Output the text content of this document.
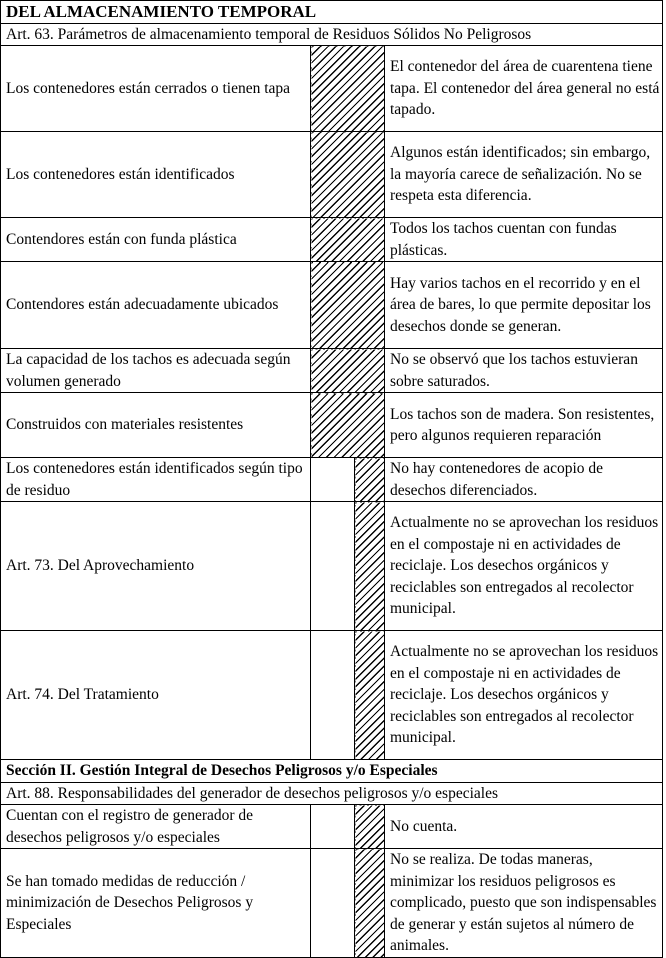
DEL ALMACENAMIENTO TEMPORAL			
Art. 63. Parámetros de almacenamiento temporal de Residuos Sólidos No Peligrosos			
Los contenedores están cerrados o tienen tapa			El contenedor del área de cuarentena tiene tapa. El contenedor del área general no está tapado.
Los contenedores están identificados			Algunos están identificados; sin embargo, la mayoría carece de señalización. No se respeta esta diferencia.
Contendores están con funda plástica			Todos los tachos cuentan con fundas plásticas.
Contendores están adecuadamente ubicados			Hay varios tachos en el recorrido y en el área de bares, lo que permite depositar los desechos donde se generan.
La capacidad de los tachos es adecuada según volumen generado			No se observó que los tachos estuvieran sobre saturados.
Construidos con materiales resistentes			Los tachos son de madera. Son resistentes, pero algunos requieren reparación
Los contenedores están identificados según tipo de residuo			No hay contenedores de acopio de desechos diferenciados.
Art. 73. Del Aprovechamiento			Actualmente no se aprovechan los residuos en el compostaje ni en actividades de reciclaje. Los desechos orgánicos y reciclables son entregados al recolector municipal.
Art. 74. Del Tratamiento			Actualmente no se aprovechan los residuos en el compostaje ni en actividades de reciclaje. Los desechos orgánicos y reciclables son entregados al recolector municipal.
Sección II. Gestión Integral de Desechos Peligrosos y/o Especiales			
Art. 88. Responsabilidades del generador de desechos peligrosos y/o especiales			
Cuentan con el registro de generador de desechos peligrosos y/o especiales			No cuenta.
Se han tomado medidas de reducción / minimización de Desechos Peligrosos y Especiales			No se realiza. De todas maneras, minimizar los residuos peligrosos es complicado, puesto que son indispensables de generar y están sujetos al número de animales.
